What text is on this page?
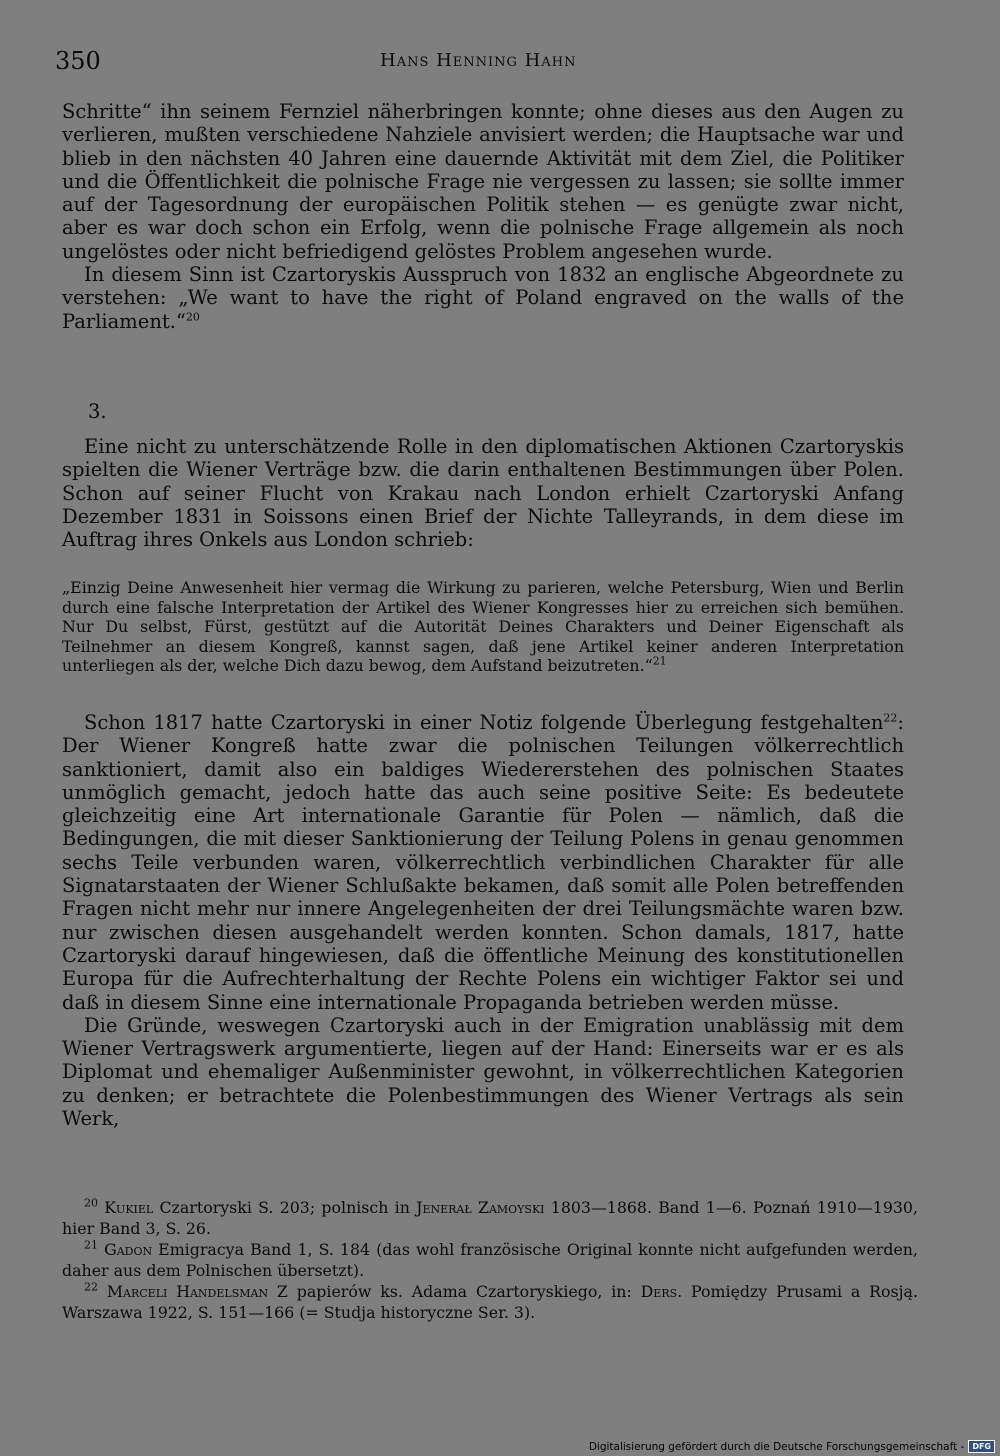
350	Hans Henning Hahn

Schritte“ ihn seinem Fernziel näherbringen konnte; ohne dieses aus den Augen zu verlieren, mußten verschiedene Nahziele anvisiert werden; die Hauptsache war und blieb in den nächsten 40 Jahren eine dauernde Aktivität mit dem Ziel, die Politiker und die Öffentlichkeit die polnische Frage nie vergessen zu lassen; sie sollte immer auf der Tagesordnung der europäischen Politik stehen — es genügte zwar nicht, aber es war doch schon ein Erfolg, wenn die polnische Frage allgemein als noch ungelöstes oder nicht befriedigend gelöstes Problem angesehen wurde.

In diesem Sinn ist Czartoryskis Ausspruch von 1832 an englische Abgeordnete zu verstehen: „We want to have the right of Poland engraved on the walls of the Parliament.“$^{20}$

3.

Eine nicht zu unterschätzende Rolle in den diplomatischen Aktionen Czartoryskis spielten die Wiener Verträge bzw. die darin enthaltenen Bestimmungen über Polen. Schon auf seiner Flucht von Krakau nach London erhielt Czartoryski Anfang Dezember 1831 in Soissons einen Brief der Nichte Talleyrands, in dem diese im Auftrag ihres Onkels aus London schrieb:

„Einzig Deine Anwesenheit hier vermag die Wirkung zu parieren, welche Petersburg, Wien und Berlin durch eine falsche Interpretation der Artikel des Wiener Kongresses hier zu erreichen sich bemühen. Nur Du selbst, Fürst, gestützt auf die Autorität Deines Charakters und Deiner Eigenschaft als Teilnehmer an diesem Kongreß, kannst sagen, daß jene Artikel keiner anderen Interpretation unterliegen als der, welche Dich dazu bewog, dem Aufstand beizutreten.“$^{21}$

Schon 1817 hatte Czartoryski in einer Notiz folgende Überlegung festgehalten$^{22}$: Der Wiener Kongreß hatte zwar die polnischen Teilungen völkerrechtlich sanktioniert, damit also ein baldiges Wiedererstehen des polnischen Staates unmöglich gemacht, jedoch hatte das auch seine positive Seite: Es bedeutete gleichzeitig eine Art internationale Garantie für Polen — nämlich, daß die Bedingungen, die mit dieser Sanktionierung der Teilung Polens in genau genommen sechs Teile verbunden waren, völkerrechtlich verbindlichen Charakter für alle Signatarstaaten der Wiener Schlußakte bekamen, daß somit alle Polen betreffenden Fragen nicht mehr nur innere Angelegenheiten der drei Teilungsmächte waren bzw. nur zwischen diesen ausgehandelt werden konnten. Schon damals, 1817, hatte Czartoryski darauf hingewiesen, daß die öffentliche Meinung des konstitutionellen Europa für die Aufrechterhaltung der Rechte Polens ein wichtiger Faktor sei und daß in diesem Sinne eine internationale Propaganda betrieben werden müsse.

Die Gründe, weswegen Czartoryski auch in der Emigration unablässig mit dem Wiener Vertragswerk argumentierte, liegen auf der Hand: Einerseits war er es als Diplomat und ehemaliger Außenminister gewohnt, in völkerrechtlichen Kategorien zu denken; er betrachtete die Polenbestimmungen des Wiener Vertrags als sein Werk,

$^{20}$ Kukiel Czartoryski S. 203; polnisch in Jenerał Zamoyski 1803—1868. Band 1—6. Poznań 1910—1930, hier Band 3, S. 26.

$^{21}$ Gadon Emigracya Band 1, S. 184 (das wohl französische Original konnte nicht aufgefunden werden, daher aus dem Polnischen übersetzt).

$^{22}$ Marceli Handelsman Z papierów ks. Adama Czartoryskiego, in: Ders. Pomiędzy Prusami a Rosją. Warszawa 1922, S. 151—166 (= Studja historyczne Ser. 3).

Digitalisierung gefördert durch die Deutsche Forschungsgemeinschaft -	DFG
